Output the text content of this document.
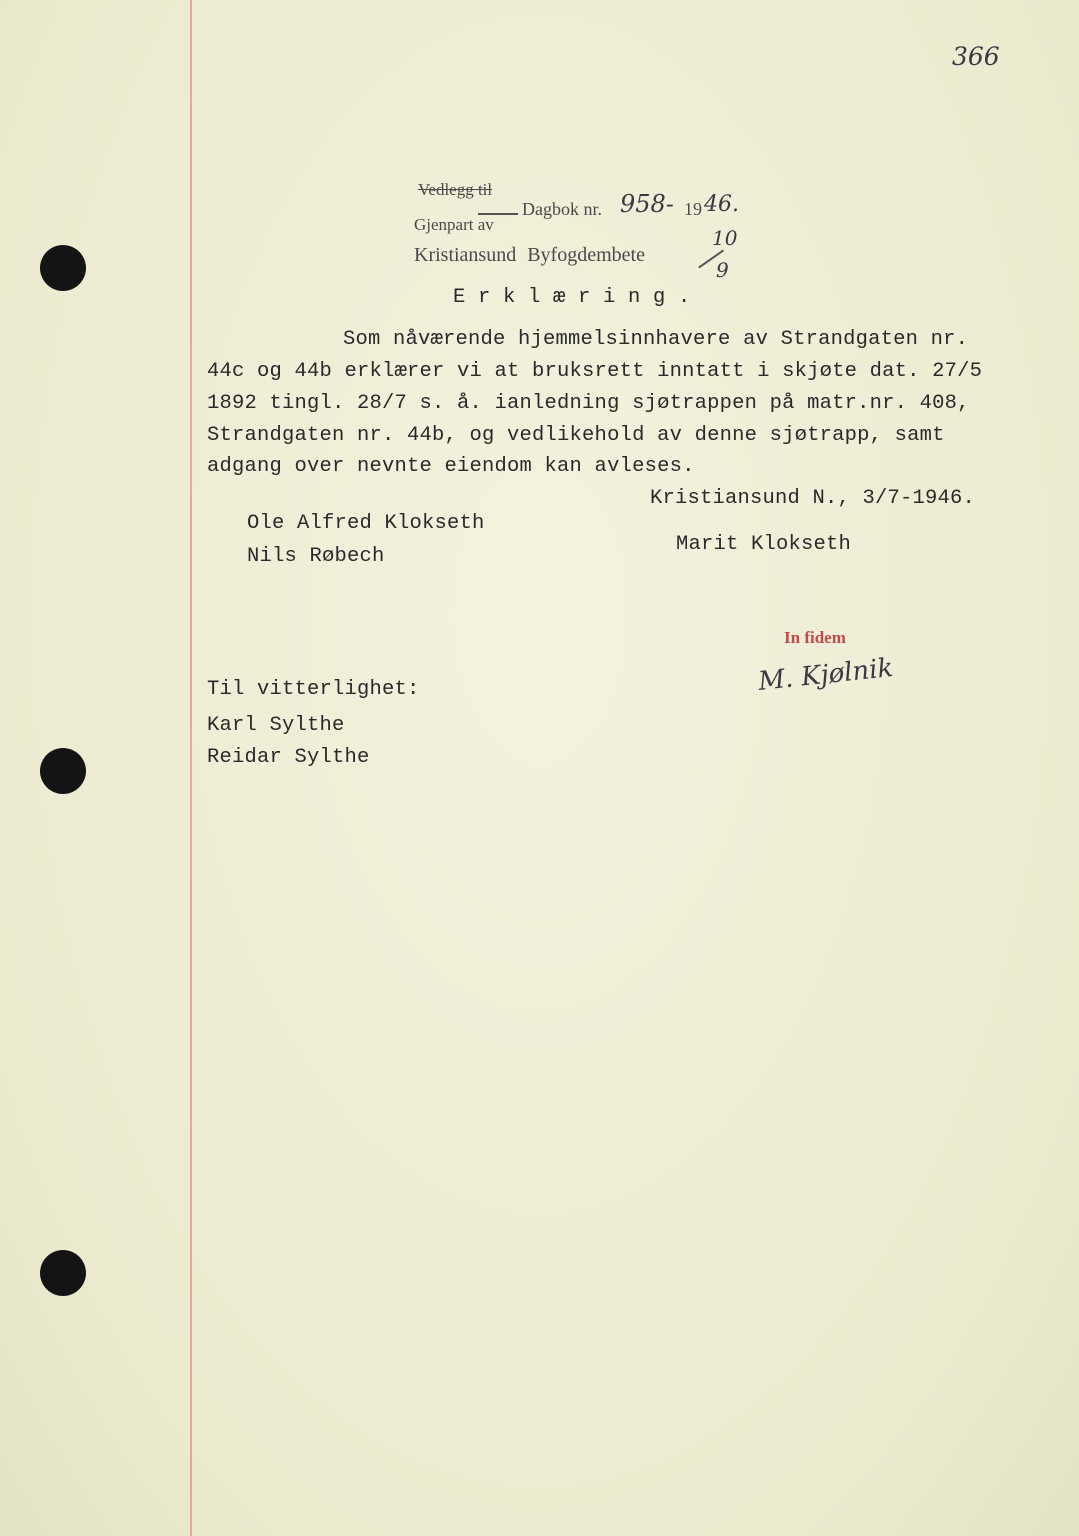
366
Vedlegg til
Gjenpart av
Dagbok nr. 958- 19 46.
Kristiansund Byfogdembete
10
9
E r k l æ r i n g .
Som nåværende hjemmelsinnhavere av Strandgaten nr.
44c og 44b erklærer vi at bruksrett inntatt i skjøte dat. 27/5
1892 tingl. 28/7 s. å. ianledning sjøtrappen på matr.nr. 408,
Strandgaten nr. 44b, og vedlikehold av denne sjøtrapp, samt
adgang over nevnte eiendom kan avleses.
Kristiansund N., 3/7-1946.
Ole Alfred Klokseth
Nils Røbech
Marit Klokseth
In fidem
M. Kjølnik
Til vitterlighet:
Karl Sylthe
Reidar Sylthe
